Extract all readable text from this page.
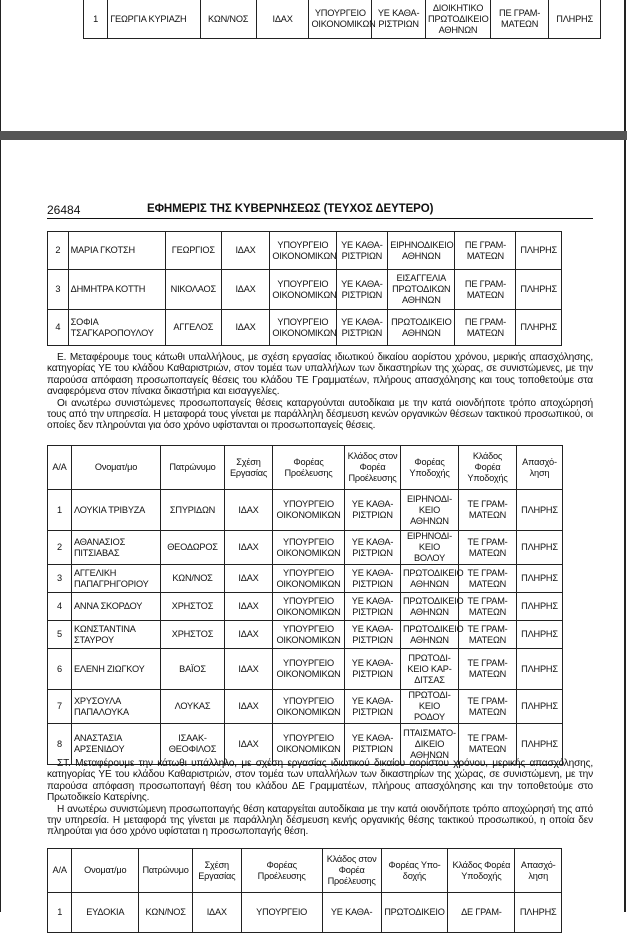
1	ΓΕΩΡΓΙΑ ΚΥΡΙΑΖΗ	ΚΩΝ/ΝΟΣ	ΙΔΑΧ	ΥΠΟΥΡΓΕΙΟ ΟΙΚΟΝΟΜΙΚΩΝ	ΥΕ ΚΑΘΑ-ΡΙΣΤΡΙΩΝ	ΔΙΟΙΚΗΤΙΚΟ ΠΡΩΤΟΔΙΚΕΙΟ ΑΘΗΝΩΝ	ΠΕ ΓΡΑΜ-ΜΑΤΕΩΝ	ΠΛΗΡΗΣ
26484	ΕΦΗΜΕΡΙΣ ΤΗΣ ΚΥΒΕΡΝΗΣΕΩΣ (ΤΕΥΧΟΣ ΔΕΥΤΕΡΟ)
2	ΜΑΡΙΑ ΓΚΟΤΣΗ	ΓΕΩΡΓΙΟΣ	ΙΔΑΧ	ΥΠΟΥΡΓΕΙΟ ΟΙΚΟΝΟΜΙΚΩΝ	ΥΕ ΚΑΘΑ-ΡΙΣΤΡΙΩΝ	ΕΙΡΗΝΟΔΙΚΕΙΟ ΑΘΗΝΩΝ	ΠΕ ΓΡΑΜ-ΜΑΤΕΩΝ	ΠΛΗΡΗΣ
3	ΔΗΜΗΤΡΑ ΚΟΤΤΗ	ΝΙΚΟΛΑΟΣ	ΙΔΑΧ	ΥΠΟΥΡΓΕΙΟ ΟΙΚΟΝΟΜΙΚΩΝ	ΥΕ ΚΑΘΑ-ΡΙΣΤΡΙΩΝ	ΕΙΣΑΓΓΕΛΙΑ ΠΡΩΤΟΔΙΚΩΝ ΑΘΗΝΩΝ	ΠΕ ΓΡΑΜ-ΜΑΤΕΩΝ	ΠΛΗΡΗΣ
4	ΣΟΦΙΑ ΤΣΑΓΚΑΡΟΠΟΥΛΟΥ	ΑΓΓΕΛΟΣ	ΙΔΑΧ	ΥΠΟΥΡΓΕΙΟ ΟΙΚΟΝΟΜΙΚΩΝ	ΥΕ ΚΑΘΑ-ΡΙΣΤΡΙΩΝ	ΠΡΩΤΟΔΙΚΕΙΟ ΑΘΗΝΩΝ	ΠΕ ΓΡΑΜ-ΜΑΤΕΩΝ	ΠΛΗΡΗΣ

Ε. Μεταφέρουμε τους κάτωθι υπαλλήλους, με σχέση εργασίας ιδιωτικού δικαίου αορίστου χρόνου, μερικής απασχόλησης, κατηγορίας ΥΕ του κλάδου Καθαριστριών, στον τομέα των υπαλλήλων των δικαστηρίων της χώρας, σε συνιστώμενες, με την παρούσα απόφαση προσωποπαγείς θέσεις του κλάδου ΤΕ Γραμματέων, πλήρους απασχόλησης και τους τοποθετούμε στα αναφερόμενα στον πίνακα δικαστήρια και εισαγγελίες.

Οι ανωτέρω συνιστώμενες προσωποπαγείς θέσεις καταργούνται αυτοδίκαια με την κατά οιονδήποτε τρόπο αποχώρησή τους από την υπηρεσία. Η μεταφορά τους γίνεται με παράλληλη δέσμευση κενών οργανικών θέσεων τακτικού προσωπικού, οι οποίες δεν πληρούνται για όσο χρόνο υφίστανται οι προσωποπαγείς θέσεις.

Α/Α	Ονοματ/μο	Πατρώνυμο	Σχέση Εργασίας	Φορέας Προέλευσης	Κλάδος στον Φορέα Προέλευσης	Φορέας Υποδοχής	Κλάδος Φορέα Υποδοχής	Απασχό-ληση
1	ΛΟΥΚΙΑ ΤΡΙΒΥΖΑ	ΣΠΥΡΙΔΩΝ	ΙΔΑΧ	ΥΠΟΥΡΓΕΙΟ ΟΙΚΟΝΟΜΙΚΩΝ	ΥΕ ΚΑΘΑ-ΡΙΣΤΡΙΩΝ	ΕΙΡΗΝΟΔΙ-ΚΕΙΟ ΑΘΗΝΩΝ	ΤΕ ΓΡΑΜ-ΜΑΤΕΩΝ	ΠΛΗΡΗΣ
2	ΑΘΑΝΑΣΙΟΣ ΠΙΤΣΙΑΒΑΣ	ΘΕΟΔΩΡΟΣ	ΙΔΑΧ	ΥΠΟΥΡΓΕΙΟ ΟΙΚΟΝΟΜΙΚΩΝ	ΥΕ ΚΑΘΑ-ΡΙΣΤΡΙΩΝ	ΕΙΡΗΝΟΔΙ-ΚΕΙΟ ΒΟΛΟΥ	ΤΕ ΓΡΑΜ-ΜΑΤΕΩΝ	ΠΛΗΡΗΣ
3	ΑΓΓΕΛΙΚΗ ΠΑΠΑΓΡΗΓΟΡΙΟΥ	ΚΩΝ/ΝΟΣ	ΙΔΑΧ	ΥΠΟΥΡΓΕΙΟ ΟΙΚΟΝΟΜΙΚΩΝ	ΥΕ ΚΑΘΑ-ΡΙΣΤΡΙΩΝ	ΠΡΩΤΟΔΙΚΕΙΟ ΑΘΗΝΩΝ	ΤΕ ΓΡΑΜ-ΜΑΤΕΩΝ	ΠΛΗΡΗΣ
4	ΑΝΝΑ ΣΚΟΡΔΟΥ	ΧΡΗΣΤΟΣ	ΙΔΑΧ	ΥΠΟΥΡΓΕΙΟ ΟΙΚΟΝΟΜΙΚΩΝ	ΥΕ ΚΑΘΑ-ΡΙΣΤΡΙΩΝ	ΠΡΩΤΟΔΙΚΕΙΟ ΑΘΗΝΩΝ	ΤΕ ΓΡΑΜ-ΜΑΤΕΩΝ	ΠΛΗΡΗΣ
5	ΚΩΝΣΤΑΝΤΙΝΑ ΣΤΑΥΡΟΥ	ΧΡΗΣΤΟΣ	ΙΔΑΧ	ΥΠΟΥΡΓΕΙΟ ΟΙΚΟΝΟΜΙΚΩΝ	ΥΕ ΚΑΘΑ-ΡΙΣΤΡΙΩΝ	ΠΡΩΤΟΔΙΚΕΙΟ ΑΘΗΝΩΝ	ΤΕ ΓΡΑΜ-ΜΑΤΕΩΝ	ΠΛΗΡΗΣ
6	ΕΛΕΝΗ ΖΙΩΓΚΟΥ	ΒΑΪΟΣ	ΙΔΑΧ	ΥΠΟΥΡΓΕΙΟ ΟΙΚΟΝΟΜΙΚΩΝ	ΥΕ ΚΑΘΑ-ΡΙΣΤΡΙΩΝ	ΠΡΩΤΟΔΙ-ΚΕΙΟ ΚΑΡ-ΔΙΤΣΑΣ	ΤΕ ΓΡΑΜ-ΜΑΤΕΩΝ	ΠΛΗΡΗΣ
7	ΧΡΥΣΟΥΛΑ ΠΑΠΑΛΟΥΚΑ	ΛΟΥΚΑΣ	ΙΔΑΧ	ΥΠΟΥΡΓΕΙΟ ΟΙΚΟΝΟΜΙΚΩΝ	ΥΕ ΚΑΘΑ-ΡΙΣΤΡΙΩΝ	ΠΡΩΤΟΔΙ-ΚΕΙΟ ΡΟΔΟΥ	ΤΕ ΓΡΑΜ-ΜΑΤΕΩΝ	ΠΛΗΡΗΣ
8	ΑΝΑΣΤΑΣΙΑ ΑΡΣΕΝΙΔΟΥ	ΙΣΑΑΚ-ΘΕΟΦΙΛΟΣ	ΙΔΑΧ	ΥΠΟΥΡΓΕΙΟ ΟΙΚΟΝΟΜΙΚΩΝ	ΥΕ ΚΑΘΑ-ΡΙΣΤΡΙΩΝ	ΠΤΑΙΣΜΑΤΟ-ΔΙΚΕΙΟ ΑΘΗΝΩΝ	ΤΕ ΓΡΑΜ-ΜΑΤΕΩΝ	ΠΛΗΡΗΣ

ΣΤ. Μεταφέρουμε την κάτωθι υπάλληλο, με σχέση εργασίας ιδιωτικού δικαίου αορίστου χρόνου, μερικής απασχόλησης, κατηγορίας ΥΕ του κλάδου Καθαριστριών, στον τομέα των υπαλλήλων των δικαστηρίων της χώρας, σε συνιστώμενη, με την παρούσα απόφαση προσωποπαγή θέση του κλάδου ΔΕ Γραμματέων, πλήρους απασχόλησης και την τοποθετούμε στο Πρωτοδικείο Κατερίνης.

Η ανωτέρω συνιστώμενη προσωποπαγής θέση καταργείται αυτοδίκαια με την κατά οιονδήποτε τρόπο αποχώρησή της από την υπηρεσία. Η μεταφορά της γίνεται με παράλληλη δέσμευση κενής οργανικής θέσης τακτικού προσωπικού, η οποία δεν πληρούται για όσο χρόνο υφίσταται η προσωποπαγής θέση.

Α/Α	Ονοματ/μο	Πατρώνυμο	Σχέση Εργασίας	Φορέας Προέλευσης	Κλάδος στον Φορέα Προέλευσης	Φορέας Υπο-δοχής	Κλάδος Φορέα Υποδοχής	Απασχό-ληση
1	ΕΥΔΟΚΙΑ	ΚΩΝ/ΝΟΣ	ΙΔΑΧ	ΥΠΟΥΡΓΕΙΟ	ΥΕ ΚΑΘΑ-	ΠΡΩΤΟΔΙΚΕΙΟ	ΔΕ ΓΡΑΜ-	ΠΛΗΡΗΣ
